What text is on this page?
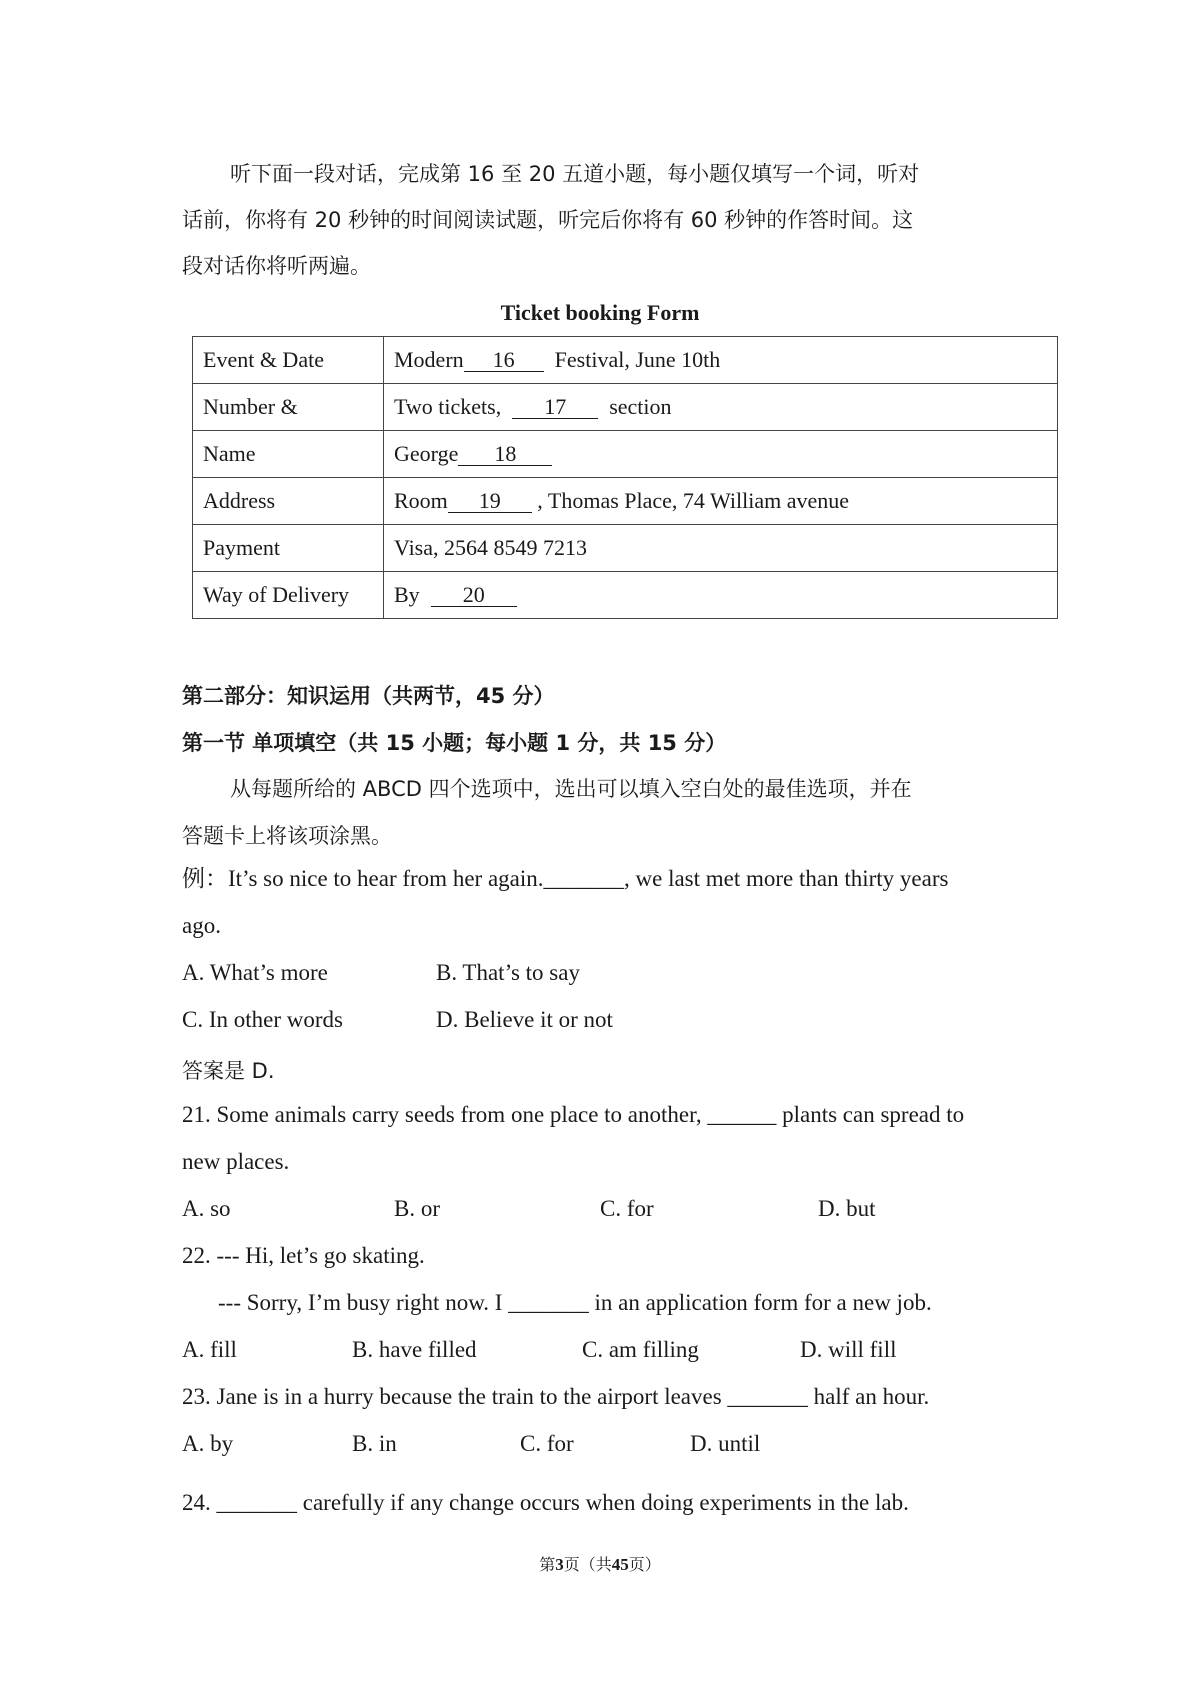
听下面一段对话，完成第 16 至 20 五道小题，每小题仅填写一个词，听对
话前，你将有 20 秒钟的时间阅读试题，听完后你将有 60 秒钟的作答时间。这
段对话你将听两遍。
Ticket booking Form
Event & Date	Modern 16 Festival, June 10th
Number &	Two tickets, 17 section
Name	George 18
Address	Room 19 , Thomas Place, 74 William avenue
Payment	Visa, 2564 8549 7213
Way of Delivery	By 20
第二部分：知识运用（共两节，45 分）
第一节 单项填空（共 15 小题；每小题 1 分，共 15 分）
从每题所给的 ABCD 四个选项中，选出可以填入空白处的最佳选项，并在
答题卡上将该项涂黑。
例：It’s so nice to hear from her again._______, we last met more than thirty years
ago.
A. What’s more	B. That’s to say
C. In other words	D. Believe it or not
答案是 D.
21. Some animals carry seeds from one place to another, ______ plants can spread to
new places.
A. so	B. or	C. for	D. but
22. --- Hi, let’s go skating.
--- Sorry, I’m busy right now. I _______ in an application form for a new job.
A. fill	B. have filled	C. am filling	D. will fill
23. Jane is in a hurry because the train to the airport leaves _______ half an hour.
A. by	B. in	C. for	D. until
24. _______ carefully if any change occurs when doing experiments in the lab.
第3页（共45页）
